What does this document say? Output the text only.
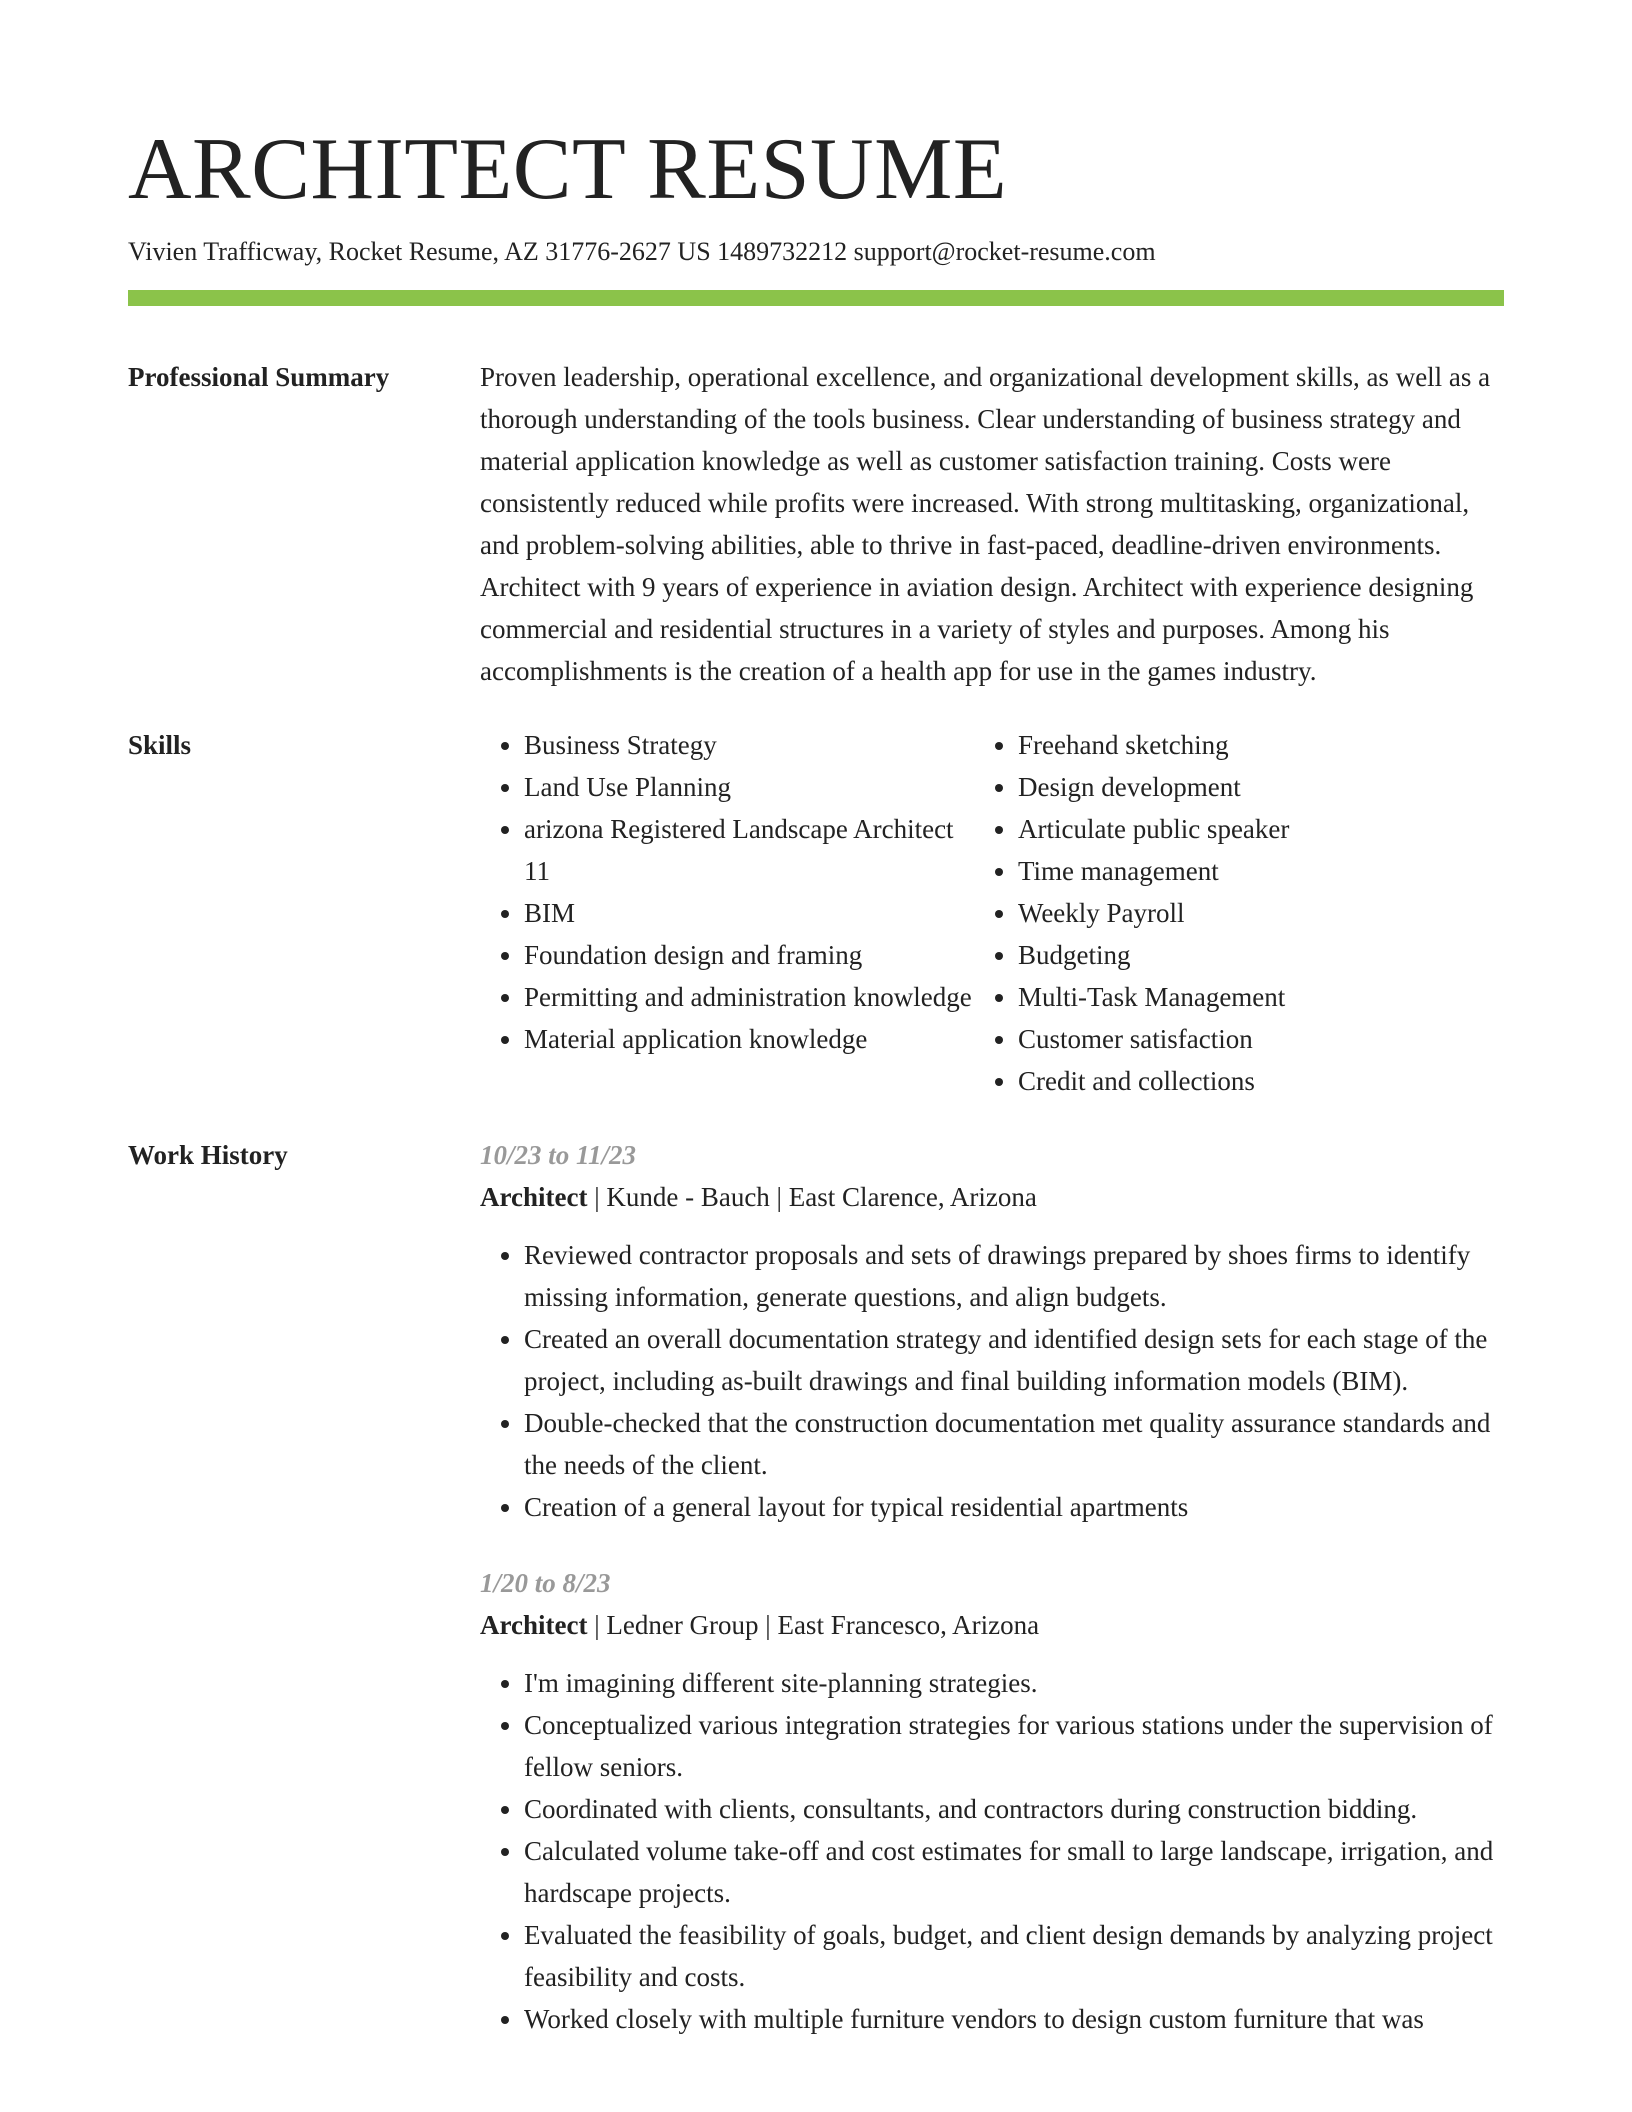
ARCHITECT RESUME
Vivien Trafficway, Rocket Resume, AZ 31776-2627 US 1489732212 support@rocket-resume.com
Professional Summary	Proven leadership, operational excellence, and organizational development skills, as well as a thorough understanding of the tools business. Clear understanding of business strategy and material application knowledge as well as customer satisfaction training. Costs were consistently reduced while profits were increased. With strong multitasking, organizational, and problem-solving abilities, able to thrive in fast-paced, deadline-driven environments. Architect with 9 years of experience in aviation design. Architect with experience designing commercial and residential structures in a variety of styles and purposes. Among his accomplishments is the creation of a health app for use in the games industry.
Skills
•	Business Strategy
• Land Use Planning
• arizona Registered Landscape Architect 11
• BIM
• Foundation design and framing
• Permitting and administration knowledge
• Material application knowledge
• Freehand sketching
• Design development
• Articulate public speaker
• Time management
• Weekly Payroll
• Budgeting
• Multi-Task Management
• Customer satisfaction
• Credit and collections
Work History	10/23 to 11/23
Architect | Kunde - Bauch | East Clarence, Arizona
• Reviewed contractor proposals and sets of drawings prepared by shoes firms to identify missing information, generate questions, and align budgets.
• Created an overall documentation strategy and identified design sets for each stage of the project, including as-built drawings and final building information models (BIM).
• Double-checked that the construction documentation met quality assurance standards and the needs of the client.
• Creation of a general layout for typical residential apartments
1/20 to 8/23
Architect | Ledner Group | East Francesco, Arizona
• I'm imagining different site-planning strategies.
• Conceptualized various integration strategies for various stations under the supervision of fellow seniors.
• Coordinated with clients, consultants, and contractors during construction bidding.
• Calculated volume take-off and cost estimates for small to large landscape, irrigation, and hardscape projects.
• Evaluated the feasibility of goals, budget, and client design demands by analyzing project feasibility and costs.
• Worked closely with multiple furniture vendors to design custom furniture that was
